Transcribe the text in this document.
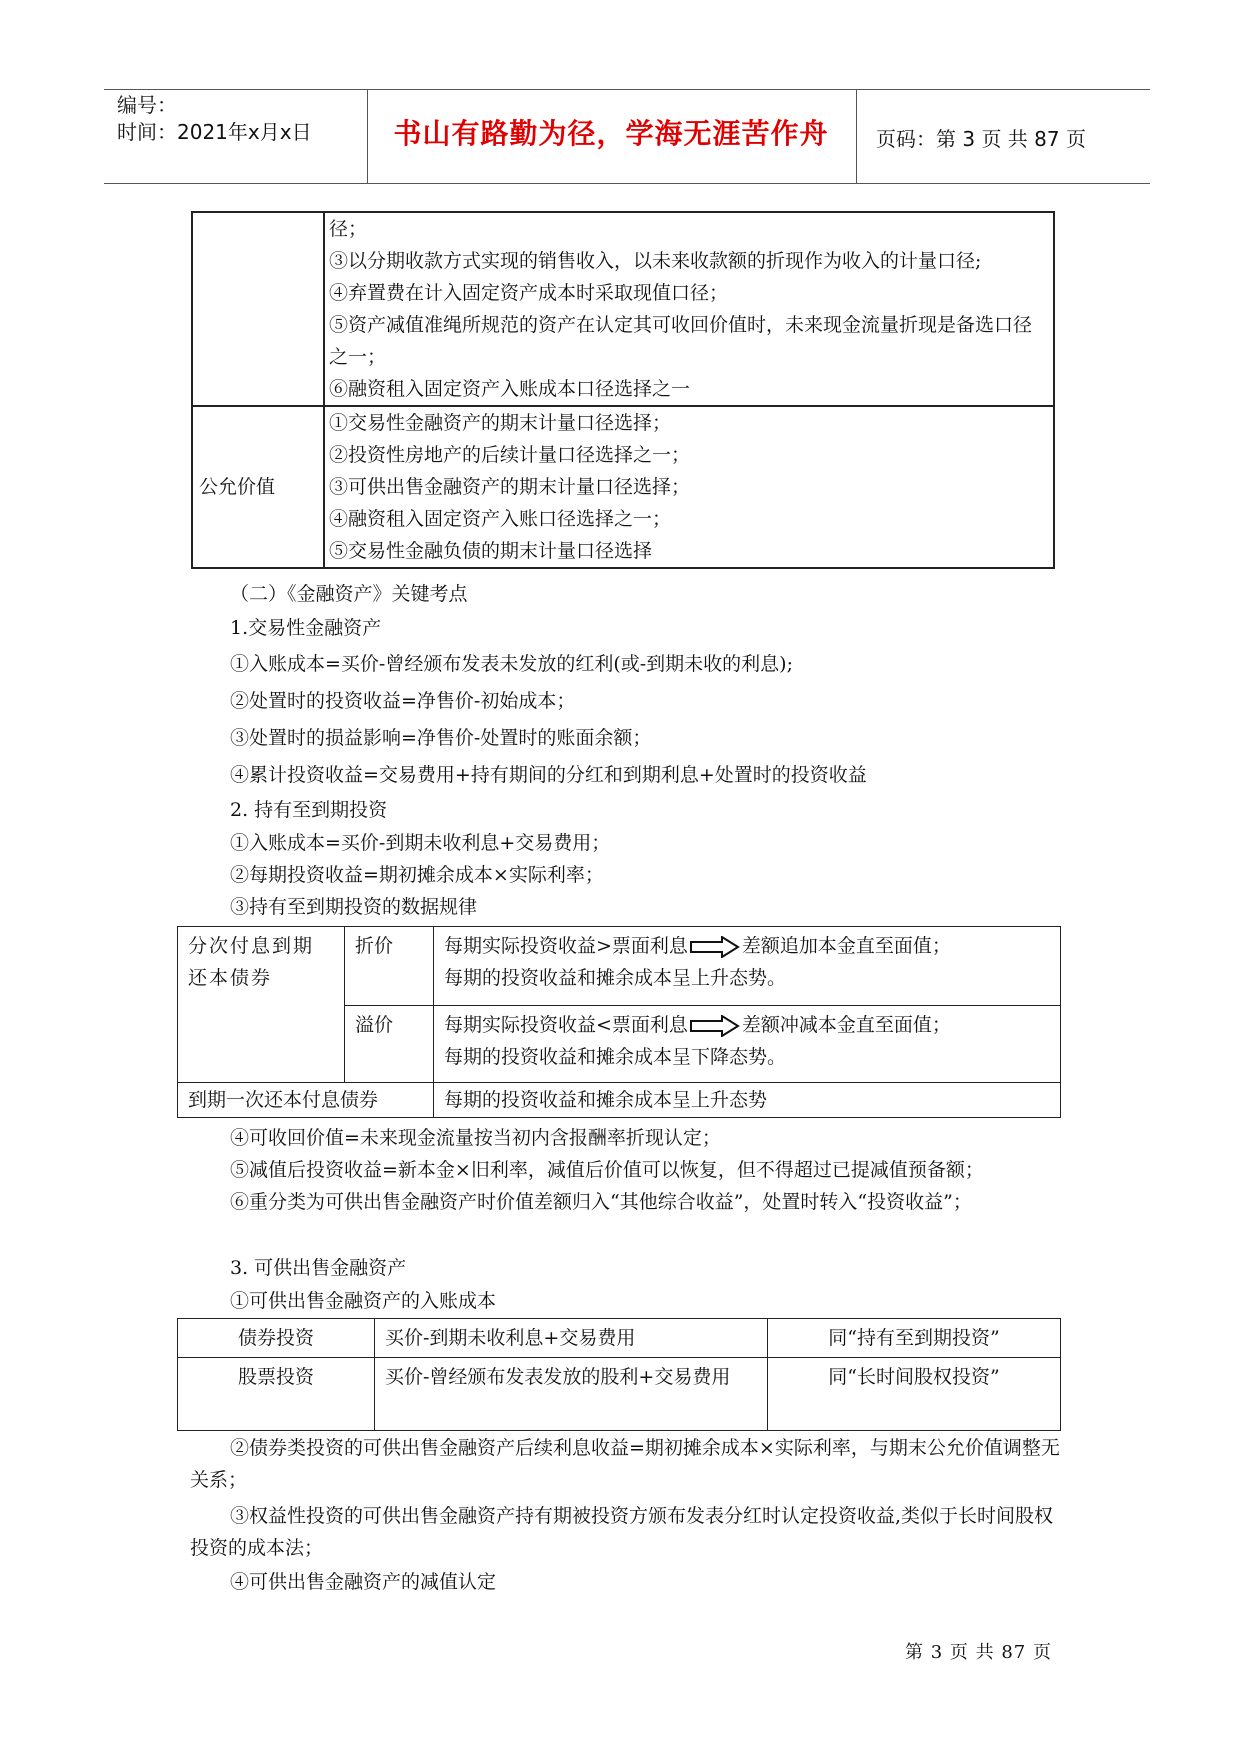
编号：
时间：2021年x月x日	书山有路勤为径，学海无涯苦作舟	页码：第 3 页 共 87 页

	径；
③以分期收款方式实现的销售收入，以未来收款额的折现作为收入的计量口径;
④弃置费在计入固定资产成本时采取现值口径；
⑤资产减值准绳所规范的资产在认定其可收回价值时，未来现金流量折现是备选口径之一；
⑥融资租入固定资产入账成本口径选择之一

公允价值	①交易性金融资产的期末计量口径选择；
②投资性房地产的后续计量口径选择之一；
③可供出售金融资产的期末计量口径选择；
④融资租入固定资产入账口径选择之一；
⑤交易性金融负债的期末计量口径选择
（二）《金融资产》关键考点
1.交易性金融资产
①入账成本=买价-曾经颁布发表未发放的红利(或-到期未收的利息);
②处置时的投资收益=净售价-初始成本；
③处置时的损益影响=净售价-处置时的账面余额；
④累计投资收益=交易费用+持有期间的分红和到期利息+处置时的投资收益
2. 持有至到期投资
①入账成本=买价-到期未收利息+交易费用；
②每期投资收益=期初摊余成本×实际利率；
③持有至到期投资的数据规律
分次付息到期还本债券	折价	每期实际投资收益>票面利息 差额追加本金直至面值；
每期的投资收益和摊余成本呈上升态势。

	溢价	每期实际投资收益<票面利息 差额冲减本金直至面值；
每期的投资收益和摊余成本呈下降态势。

到期一次还本付息债券		每期的投资收益和摊余成本呈上升态势
④可收回价值=未来现金流量按当初内含报酬率折现认定；
⑤减值后投资收益=新本金×旧利率，减值后价值可以恢复，但不得超过已提减值预备额；
⑥重分类为可供出售金融资产时价值差额归入“其他综合收益”，处置时转入“投资收益”；
3. 可供出售金融资产
①可供出售金融资产的入账成本
债券投资	买价-到期未收利息+交易费用	同“持有至到期投资”
股票投资	买价-曾经颁布发表发放的股利+交易费用	同“长时间股权投资”
②债券类投资的可供出售金融资产后续利息收益=期初摊余成本×实际利率，与期末公允价值调整无关系；
③权益性投资的可供出售金融资产持有期被投资方颁布发表分红时认定投资收益,类似于长时间股权投资的成本法；
④可供出售金融资产的减值认定
第 3 页 共 87 页
